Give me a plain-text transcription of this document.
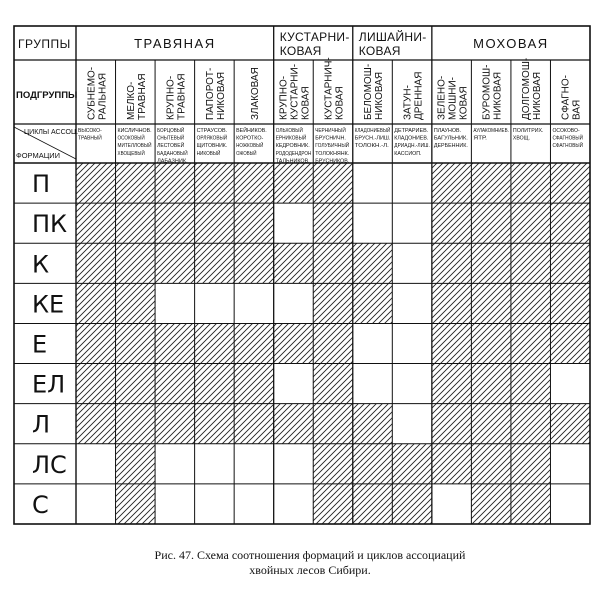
ГРУППЫ
ПОДГРУППЫ
ЦИКЛЫ АССОЦ.
ФОРМАЦИИ
ТРАВЯНАЯ	КУСТАРНИ-
КОВАЯ
ЛИШАЙНИ-
КОВАЯ	МОХОВАЯ
СУБНЕМО- РАЛЬНАЯ МЕЛКО- ТРАВНАЯ КРУПНО- ТРАВНАЯ ПАПОРОТ- НИКОВАЯ ЗЛАКОВАЯ КРУПНО- КУСТАРНИ- КОВАЯ КУСТАРНИЧ- КОВАЯ БЕЛОМОШ- НИКОВАЯ ЗАТУН- ДРЕННАЯ ЗЕЛЕНО- МОШНИ- КОВАЯ БУРОМОШ- НИКОВАЯ ДОЛГОМОШ- НИКОВАЯ СФАГНО- ВАЯ
ВЫСОКО-
ТРАВНЫЙ
КИСЛИЧНОВ.
ОСОКОВЫЙ
МИТЕЛЛОВЫЙ
ХВОЩЕВЫЙ
БОРЦОВЫЙ
СНЫТЕВЫЙ
ЛЕСТОВЕЙ
БАДАНОВЫЙ
ЛАБАЗНИК.
СТРАУСОВ.
ОРЛЯКОВЫЙ
ЩИТОВНИК.
НИКОВЫЙ
ВЕЙНИКОВ.
КОРОТКО-
НОЖКОВЫЙ
ОЖОВЫЙ
ОЛЬХОВЫЙ
ЕРНИКОВЫЙ
КЕДРОВНИК.
РОДОДЕНДРОН
ТАЛЬНИКОВ.
ЧЕРНИЧНЫЙ
БРУСНИЧН.
ГОЛУБИЧНЫЙ
ТОЛОКНЯНК.
БРУСНИКОВ.
КЛАДОНИЕВЫЙ
БРУСН.-ЛИШ.
ТОЛОКН.-Л.
ДЕТРАРИЕВ.
КЛАДОНИЕВ.
ДРИАДН.-ЛИШ.
КАССИОП.
ПЛАУНОВ.
БАГУЛЬНИК.
ДЕРБЕННИК.
АУЛАКОМНИЕВ.
ЯТР.
ПОЛИТРИХ.
ХВОЩ.
ОСОКОВО-
СФАГНОВЫЙ
СФАГНОВЫЙ
П
ПК
К
КЕ
Е
ЕЛ
Л
ЛС
С
Рис. 47. Схема соотношения формаций и циклов ассоциаций
хвойных лесов Сибири.
